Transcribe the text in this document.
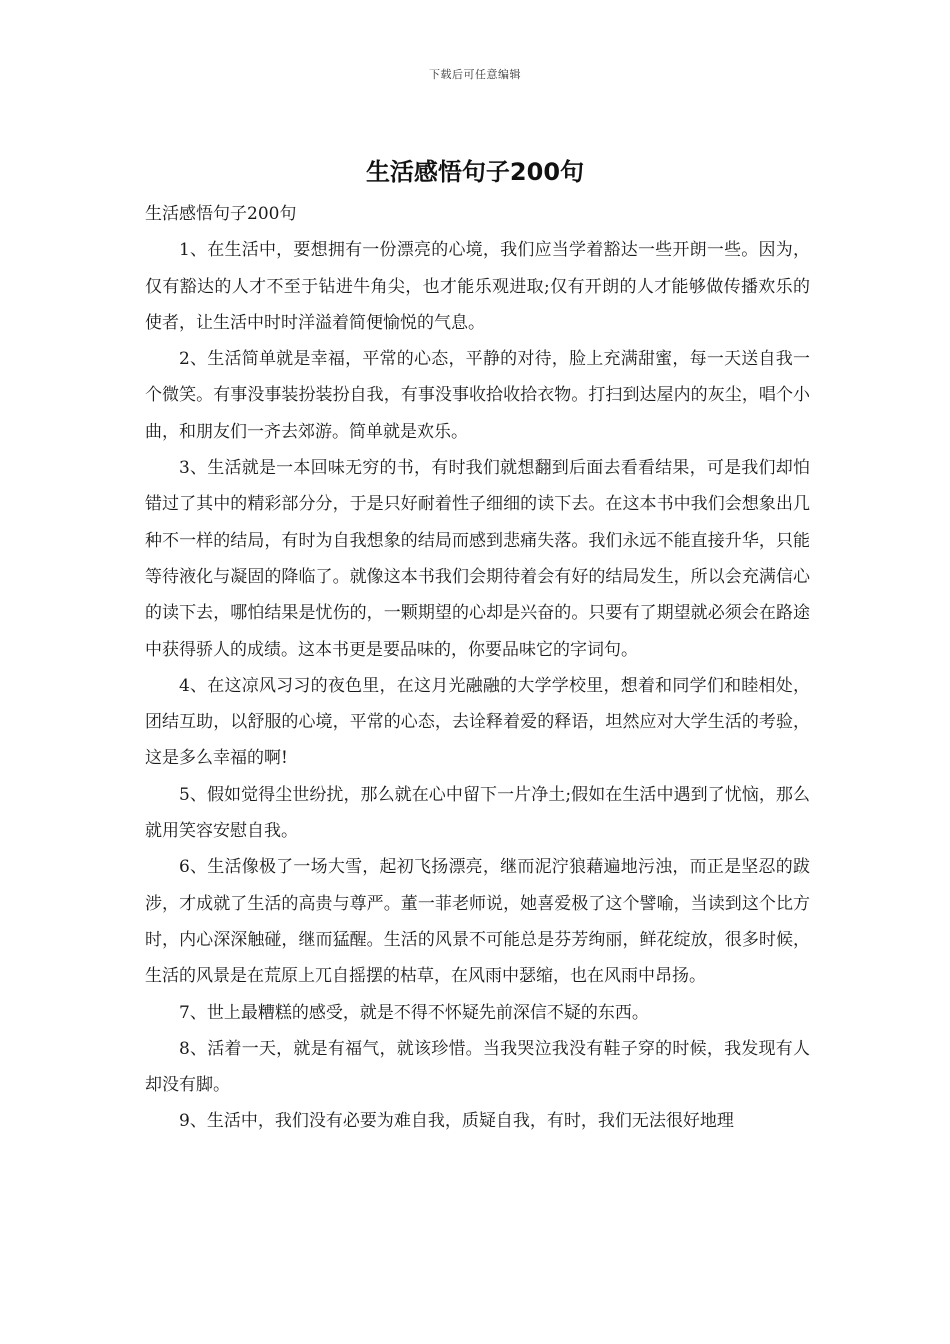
下载后可任意编辑
生活感悟句子200句

生活感悟句子200句

1、在生活中，要想拥有一份漂亮的心境，我们应当学着豁达一些开朗一些。因为，仅有豁达的人才不至于钻进牛角尖，也才能乐观进取;仅有开朗的人才能够做传播欢乐的使者，让生活中时时洋溢着简便愉悦的气息。

2、生活简单就是幸福，平常的心态，平静的对待，脸上充满甜蜜，每一天送自我一个微笑。有事没事装扮装扮自我，有事没事收拾收拾衣物。打扫到达屋内的灰尘，唱个小曲，和朋友们一齐去郊游。简单就是欢乐。

3、生活就是一本回味无穷的书，有时我们就想翻到后面去看看结果，可是我们却怕错过了其中的精彩部分分，于是只好耐着性子细细的读下去。在这本书中我们会想象出几种不一样的结局，有时为自我想象的结局而感到悲痛失落。我们永远不能直接升华，只能等待液化与凝固的降临了。就像这本书我们会期待着会有好的结局发生，所以会充满信心的读下去，哪怕结果是忧伤的，一颗期望的心却是兴奋的。只要有了期望就必须会在路途中获得骄人的成绩。这本书更是要品味的，你要品味它的字词句。

4、在这凉风习习的夜色里，在这月光融融的大学学校里，想着和同学们和睦相处，团结互助，以舒服的心境，平常的心态，去诠释着爱的释语，坦然应对大学生活的考验，这是多么幸福的啊!

5、假如觉得尘世纷扰，那么就在心中留下一片净土;假如在生活中遇到了忧恼，那么就用笑容安慰自我。

6、生活像极了一场大雪，起初飞扬漂亮，继而泥泞狼藉遍地污浊，而正是坚忍的跋涉，才成就了生活的高贵与尊严。董一菲老师说，她喜爱极了这个譬喻，当读到这个比方时，内心深深触碰，继而猛醒。生活的风景不可能总是芬芳绚丽，鲜花绽放，很多时候，生活的风景是在荒原上兀自摇摆的枯草，在风雨中瑟缩，也在风雨中昂扬。

7、世上最糟糕的感受，就是不得不怀疑先前深信不疑的东西。

8、活着一天，就是有福气，就该珍惜。当我哭泣我没有鞋子穿的时候，我发现有人却没有脚。

9、生活中，我们没有必要为难自我，质疑自我，有时，我们无法很好地理
